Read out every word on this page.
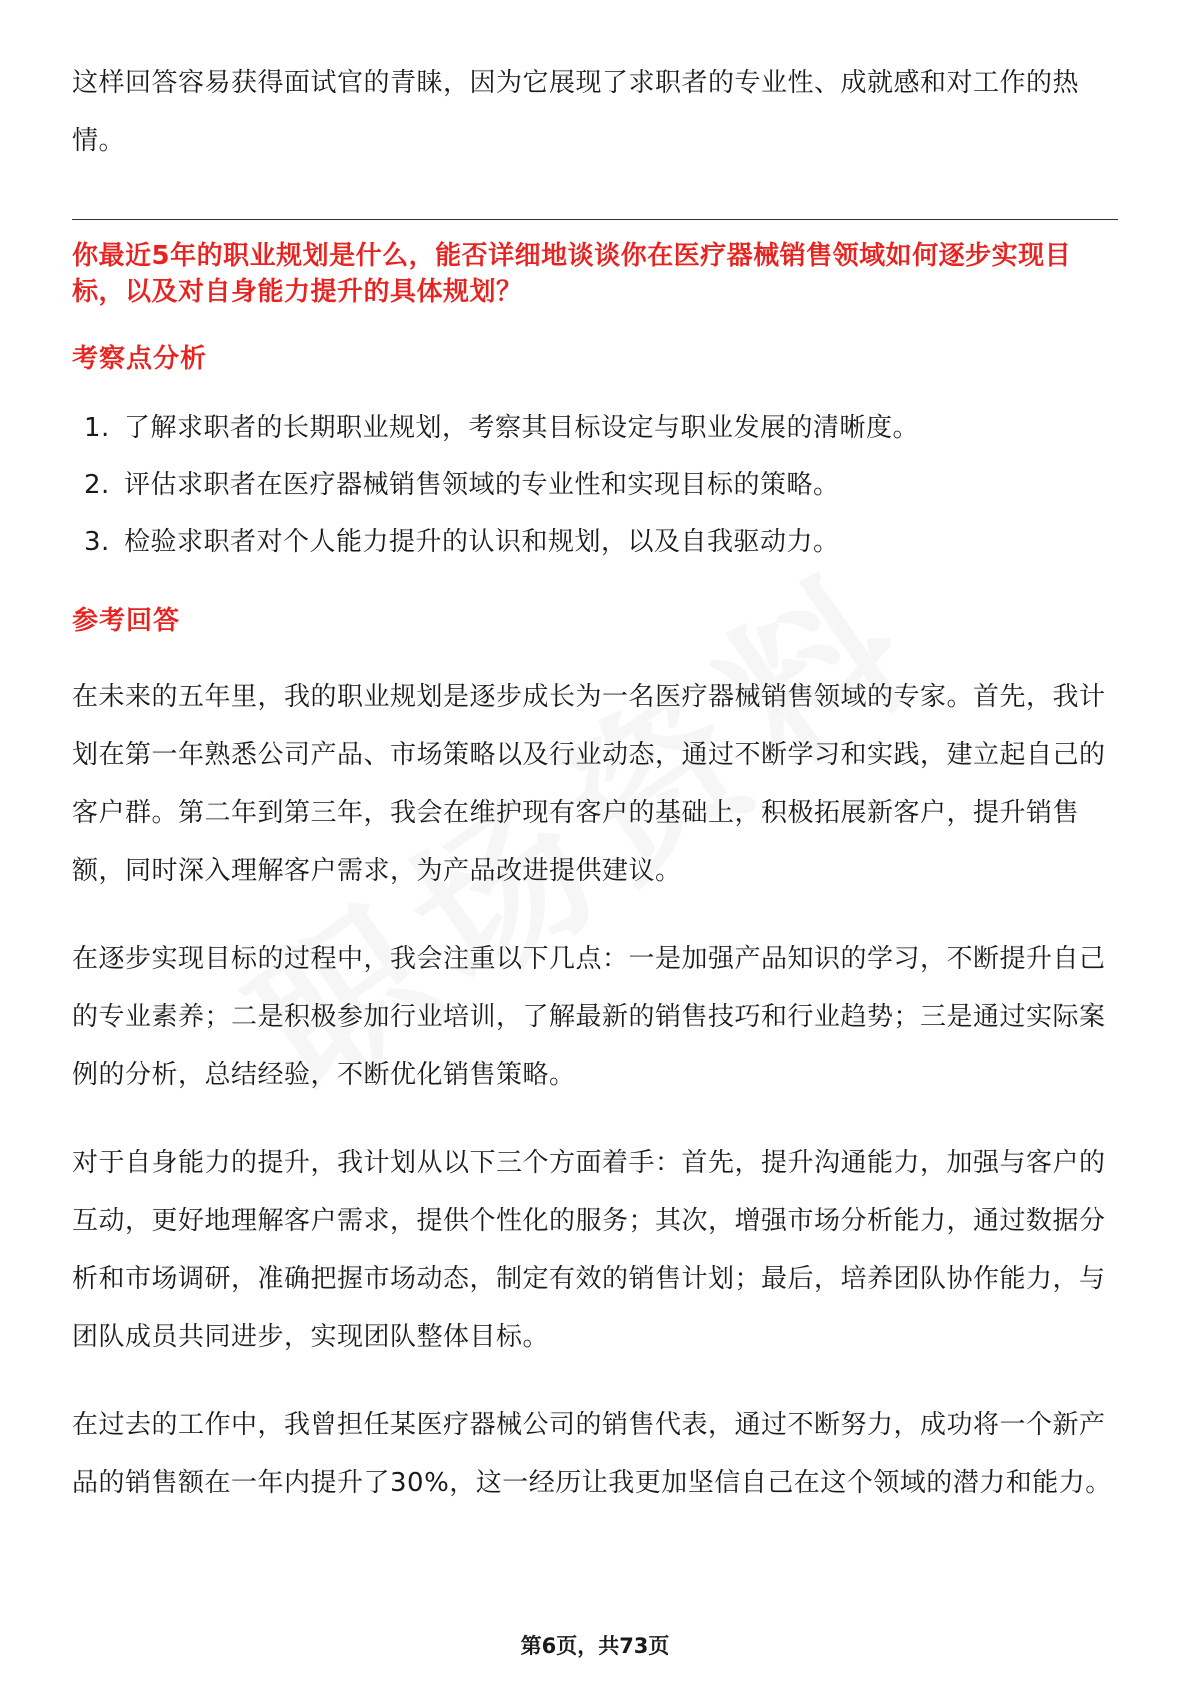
这样回答容易获得面试官的青睐，因为它展现了求职者的专业性、成就感和对工作的热情。

你最近5年的职业规划是什么，能否详细地谈谈你在医疗器械销售领域如何逐步实现目标，以及对自身能力提升的具体规划？

考察点分析
1. 了解求职者的长期职业规划，考察其目标设定与职业发展的清晰度。
2. 评估求职者在医疗器械销售领域的专业性和实现目标的策略。
3. 检验求职者对个人能力提升的认识和规划，以及自我驱动力。
参考回答

在未来的五年里，我的职业规划是逐步成长为一名医疗器械销售领域的专家。首先，我计划在第一年熟悉公司产品、市场策略以及行业动态，通过不断学习和实践，建立起自己的客户群。第二年到第三年，我会在维护现有客户的基础上，积极拓展新客户，提升销售额，同时深入理解客户需求，为产品改进提供建议。

在逐步实现目标的过程中，我会注重以下几点：一是加强产品知识的学习，不断提升自己的专业素养；二是积极参加行业培训，了解最新的销售技巧和行业趋势；三是通过实际案例的分析，总结经验，不断优化销售策略。

对于自身能力的提升，我计划从以下三个方面着手：首先，提升沟通能力，加强与客户的互动，更好地理解客户需求，提供个性化的服务；其次，增强市场分析能力，通过数据分析和市场调研，准确把握市场动态，制定有效的销售计划；最后，培养团队协作能力，与团队成员共同进步，实现团队整体目标。

在过去的工作中，我曾担任某医疗器械公司的销售代表，通过不断努力，成功将一个新产品的销售额在一年内提升了30%，这一经历让我更加坚信自己在这个领域的潜力和能力。

第6页，共73页
